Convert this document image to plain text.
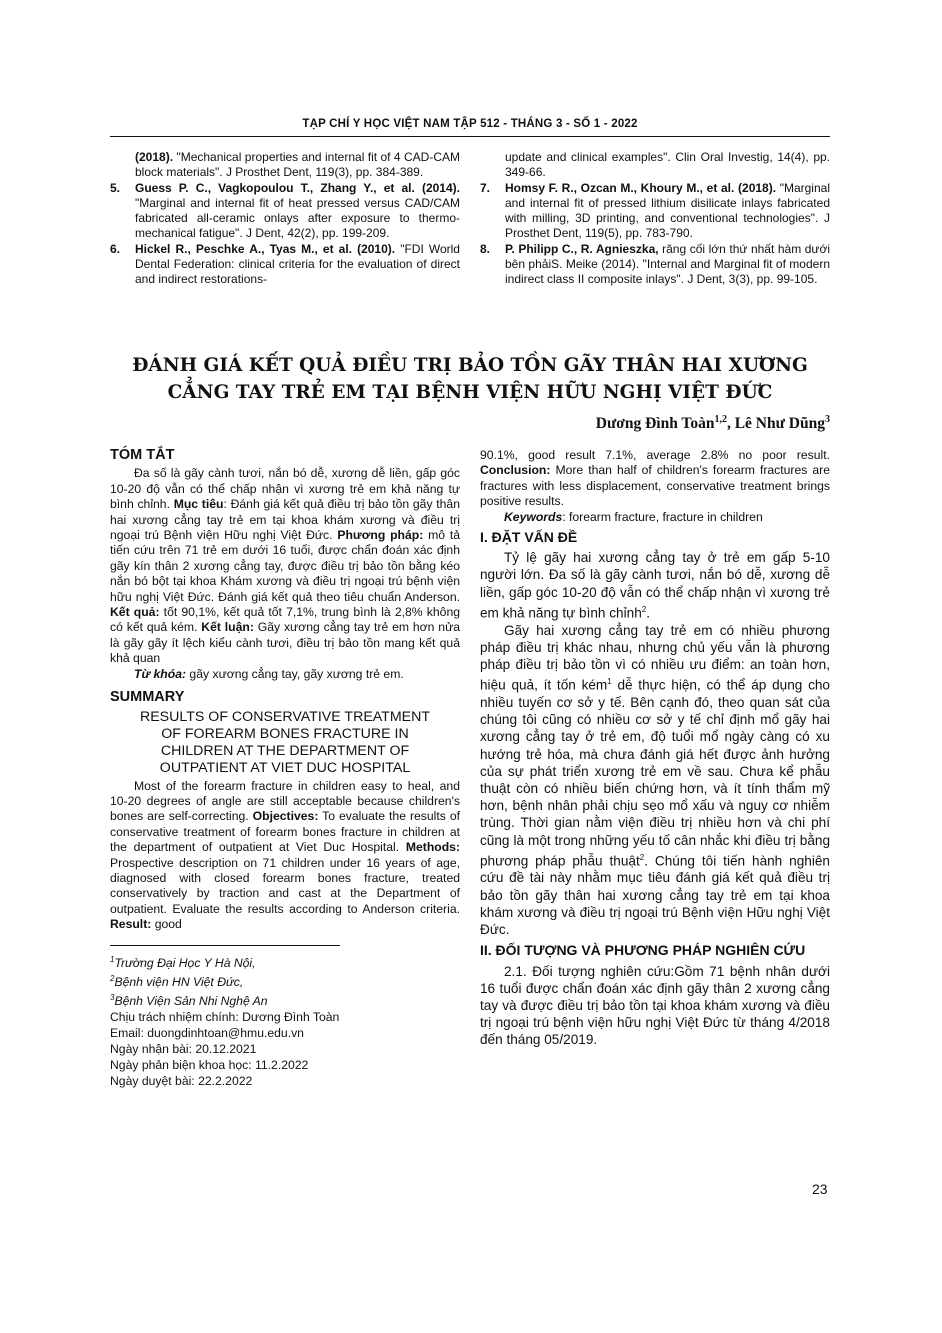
TẠP CHÍ Y HỌC VIỆT NAM TẬP 512 - THÁNG 3 - SỐ 1 - 2022

(2018). "Mechanical properties and internal fit of 4 CAD-CAM block materials". J Prosthet Dent, 119(3), pp. 384-389.

5. Guess P. C., Vagkopoulou T., Zhang Y., et al. (2014). "Marginal and internal fit of heat pressed versus CAD/CAM fabricated all-ceramic onlays after exposure to thermo-mechanical fatigue". J Dent, 42(2), pp. 199-209.

6. Hickel R., Peschke A., Tyas M., et al. (2010). "FDI World Dental Federation: clinical criteria for the evaluation of direct and indirect restorations-

update and clinical examples". Clin Oral Investig, 14(4), pp. 349-66.

7. Homsy F. R., Ozcan M., Khoury M., et al. (2018). "Marginal and internal fit of pressed lithium disilicate inlays fabricated with milling, 3D printing, and conventional technologies". J Prosthet Dent, 119(5), pp. 783-790.

8. P. Philipp C., R. Agnieszka, răng cối lớn thứ nhất hàm dưới bên phảiS. Meike (2014). "Internal and Marginal fit of modern indirect class II composite inlays". J Dent, 3(3), pp. 99-105.

ĐÁNH GIÁ KẾT QUẢ ĐIỀU TRỊ BẢO TỒN GÃY THÂN HAI XƯƠNG
CẲNG TAY TRẺ EM TẠI BỆNH VIỆN HỮU NGHỊ VIỆT ĐỨC
Dương Đình Toàn$^{1,2}$, Lê Như Dũng$^3$
TÓM TẮT

Đa số là gãy cành tươi, nắn bó dễ, xương dễ liền, gấp góc 10-20 độ vẫn có thể chấp nhận vì xương trẻ em khả năng tự bình chỉnh. Mục tiêu: Đánh giá kết quả điều trị bảo tồn gãy thân hai xương cẳng tay trẻ em tại khoa khám xương và điều trị ngoại trú Bệnh viện Hữu nghị Việt Đức. Phương pháp: mô tả tiến cứu trên 71 trẻ em dưới 16 tuổi, được chẩn đoán xác định gãy kín thân 2 xương cẳng tay, được điều trị bảo tồn bằng kéo nắn bó bột tại khoa Khám xương và điều trị ngoại trú bệnh viện hữu nghị Việt Đức. Đánh giá kết quả theo tiêu chuẩn Anderson. Kết quả: tốt 90,1%, kết quả tốt 7,1%, trung bình là 2,8% không có kết quả kém. Kết luận: Gãy xương cẳng tay trẻ em hơn nửa là gãy gãy ít lệch kiểu cành tươi, điều trị bảo tồn mang kết quả khả quan

Từ khóa: gãy xương cẳng tay, gãy xương trẻ em.

SUMMARY
RESULTS OF CONSERVATIVE TREATMENT
OF FOREARM BONES FRACTURE IN
CHILDREN AT THE DEPARTMENT OF
OUTPATIENT AT VIET DUC HOSPITAL

Most of the forearm fracture in children easy to heal, and 10-20 degrees of angle are still acceptable because children's bones are self-correcting. Objectives: To evaluate the results of conservative treatment of forearm bones fracture in children at the department of outpatient at Viet Duc Hospital. Methods: Prospective description on 71 children under 16 years of age, diagnosed with closed forearm bones fracture, treated conservatively by traction and cast at the Department of outpatient. Evaluate the results according to Anderson criteria. Result: good

$^1$Trường Đại Học Y Hà Nội,

$^2$Bệnh viện HN Việt Đức,

$^3$Bệnh Viện Sản Nhi Nghệ An

Chịu trách nhiệm chính: Dương Đình Toàn

Email: duongdinhtoan@hmu.edu.vn

Ngày nhận bài: 20.12.2021

Ngày phản biện khoa học: 11.2.2022

Ngày duyệt bài: 22.2.2022

90.1%, good result 7.1%, average 2.8% no poor result. Conclusion: More than half of children's forearm fractures are fractures with less displacement, conservative treatment brings positive results.

Keywords: forearm fracture, fracture in children

I. ĐẶT VẤN ĐỀ

Tỷ lệ gãy hai xương cẳng tay ở trẻ em gấp 5-10 người lớn. Đa số là gãy cành tươi, nắn bó dễ, xương dễ liền, gấp góc 10-20 độ vẫn có thể chấp nhận vì xương trẻ em khả năng tự bình chỉnh$^2$.

Gãy hai xương cẳng tay trẻ em có nhiều phương pháp điều trị khác nhau, nhưng chủ yếu vẫn là phương pháp điều trị bảo tồn vì có nhiều ưu điểm: an toàn hơn, hiệu quả, ít tốn kém$^1$ dễ thực hiện, có thể áp dụng cho nhiều tuyến cơ sở y tế. Bên cạnh đó, theo quan sát của chúng tôi cũng có nhiều cơ sở y tế chỉ định mổ gãy hai xương cẳng tay ở trẻ em, độ tuổi mổ ngày càng có xu hướng trẻ hóa, mà chưa đánh giá hết được ảnh hưởng của sự phát triển xương trẻ em về sau. Chưa kể phẫu thuật còn có nhiều biến chứng hơn, và ít tính thẩm mỹ hơn, bệnh nhân phải chịu sẹo mổ xấu và nguy cơ nhiễm trùng. Thời gian nằm viện điều trị nhiều hơn và chi phí cũng là một trong những yếu tố cân nhắc khi điều trị bằng phương pháp phẫu thuật$^2$. Chúng tôi tiến hành nghiên cứu đề tài này nhằm mục tiêu đánh giá kết quả điều trị bảo tồn gãy thân hai xương cẳng tay trẻ em tại khoa khám xương và điều trị ngoại trú Bệnh viện Hữu nghị Việt Đức.

II. ĐỐI TƯỢNG VÀ PHƯƠNG PHÁP NGHIÊN CỨU

2.1. Đối tượng nghiên cứu:Gồm 71 bệnh nhân dưới 16 tuổi được chẩn đoán xác định gãy thân 2 xương cẳng tay và được điều trị bảo tồn tại khoa khám xương và điều trị ngoại trú bệnh viện hữu nghị Việt Đức từ tháng 4/2018 đến tháng 05/2019.

23
